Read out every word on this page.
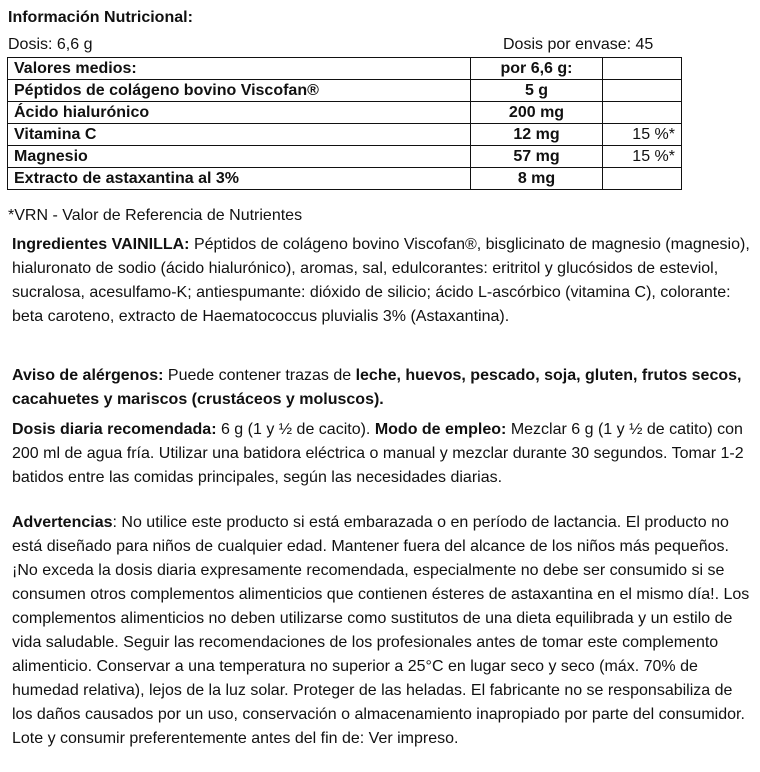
Información Nutricional:
Dosis: 6,6 g	Dosis por envase: 45
Valores medios:	por 6,6 g:	
Péptidos de colágeno bovino Viscofan®	5 g	
Ácido hialurónico	200 mg	
Vitamina C	12 mg	15 %*
Magnesio	57 mg	15 %*
Extracto de astaxantina al 3%	8 mg	
*VRN - Valor de Referencia de Nutrientes
Ingredientes VAINILLA: Péptidos de colágeno bovino Viscofan®, bisglicinato de magnesio (magnesio), hialuronato de sodio (ácido hialurónico), aromas, sal, edulcorantes: eritritol y glucósidos de esteviol, sucralosa, acesulfamo-K; antiespumante: dióxido de silicio; ácido L-ascórbico (vitamina C), colorante: beta caroteno, extracto de Haematococcus pluvialis 3% (Astaxantina).
Aviso de alérgenos: Puede contener trazas de leche, huevos, pescado, soja, gluten, frutos secos, cacahuetes y mariscos (crustáceos y moluscos).
Dosis diaria recomendada: 6 g (1 y ½ de cacito). Modo de empleo: Mezclar 6 g (1 y ½ de catito) con 200 ml de agua fría. Utilizar una batidora eléctrica o manual y mezclar durante 30 segundos. Tomar 1-2 batidos entre las comidas principales, según las necesidades diarias.
Advertencias: No utilice este producto si está embarazada o en período de lactancia. El producto no está diseñado para niños de cualquier edad. Mantener fuera del alcance de los niños más pequeños. ¡No exceda la dosis diaria expresamente recomendada, especialmente no debe ser consumido si se consumen otros complementos alimenticios que contienen ésteres de astaxantina en el mismo día!. Los complementos alimenticios no deben utilizarse como sustitutos de una dieta equilibrada y un estilo de vida saludable. Seguir las recomendaciones de los profesionales antes de tomar este complemento alimenticio. Conservar a una temperatura no superior a 25°C en lugar seco y seco (máx. 70% de humedad relativa), lejos de la luz solar. Proteger de las heladas. El fabricante no se responsabiliza de los daños causados por un uso, conservación o almacenamiento inapropiado por parte del consumidor. Lote y consumir preferentemente antes del fin de: Ver impreso.
